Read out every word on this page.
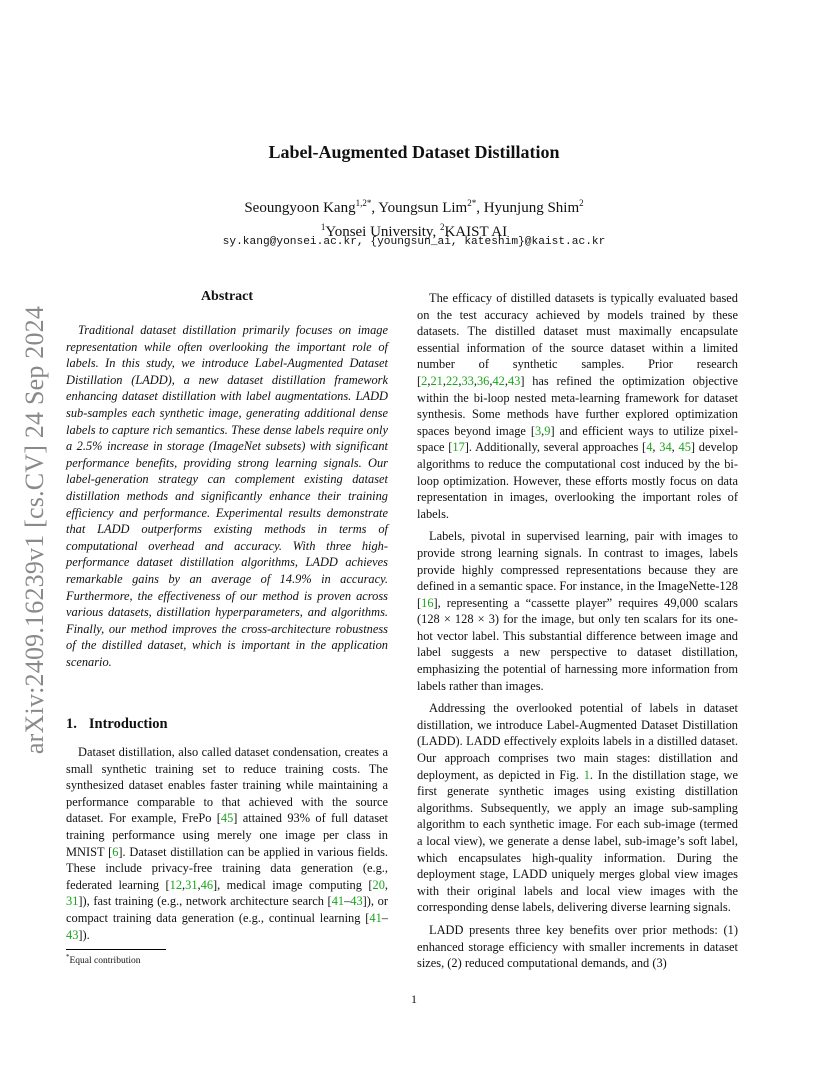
arXiv:2409.16239v1 [cs.CV] 24 Sep 2024
Label-Augmented Dataset Distillation
Seoungyoon Kang$^{1,2*}$, Youngsun Lim$^{2*}$, Hyunjung Shim$^2$
$^1$Yonsei University, $^2$KAIST AI
sy.kang@yonsei.ac.kr, {youngsun_ai, kateshim}@kaist.ac.kr
Abstract

Traditional dataset distillation primarily focuses on image representation while often overlooking the important role of labels. In this study, we introduce Label-Augmented Dataset Distillation (LADD), a new dataset distillation framework enhancing dataset distillation with label augmentations. LADD sub-samples each synthetic image, generating additional dense labels to capture rich semantics. These dense labels require only a 2.5% increase in storage (ImageNet subsets) with significant performance benefits, providing strong learning signals. Our label-generation strategy can complement existing dataset distillation methods and significantly enhance their training efficiency and performance. Experimental results demonstrate that LADD outperforms existing methods in terms of computational overhead and accuracy. With three high-performance dataset distillation algorithms, LADD achieves remarkable gains by an average of 14.9% in accuracy. Furthermore, the effectiveness of our method is proven across various datasets, distillation hyperparameters, and algorithms. Finally, our method improves the cross-architecture robustness of the distilled dataset, which is important in the application scenario.

1. Introduction

Dataset distillation, also called dataset condensation, creates a small synthetic training set to reduce training costs. The synthesized dataset enables faster training while maintaining a performance comparable to that achieved with the source dataset. For example, FrePo [45] attained 93% of full dataset training performance using merely one image per class in MNIST [6]. Dataset distillation can be applied in various fields. These include privacy-free training data generation (e.g., federated learning [12,31,46], medical image computing [20, 31]), fast training (e.g., network architecture search [41–43]), or compact training data generation (e.g., continual learning [41–43]).

The efficacy of distilled datasets is typically evaluated based on the test accuracy achieved by models trained by these datasets. The distilled dataset must maximally encapsulate essential information of the source dataset within a limited number of synthetic samples. Prior research [2,21,22,33,36,42,43] has refined the optimization objective within the bi-loop nested meta-learning framework for dataset synthesis. Some methods have further explored optimization spaces beyond image [3,9] and efficient ways to utilize pixel-space [17]. Additionally, several approaches [4, 34, 45] develop algorithms to reduce the computational cost induced by the bi-loop optimization. However, these efforts mostly focus on data representation in images, overlooking the important roles of labels.

Labels, pivotal in supervised learning, pair with images to provide strong learning signals. In contrast to images, labels provide highly compressed representations because they are defined in a semantic space. For instance, in the ImageNette-128 [16], representing a “cassette player” requires 49,000 scalars (128 × 128 × 3) for the image, but only ten scalars for its one-hot vector label. This substantial difference between image and label suggests a new perspective to dataset distillation, emphasizing the potential of harnessing more information from labels rather than images.

Addressing the overlooked potential of labels in dataset distillation, we introduce Label-Augmented Dataset Distillation (LADD). LADD effectively exploits labels in a distilled dataset. Our approach comprises two main stages: distillation and deployment, as depicted in Fig. 1. In the distillation stage, we first generate synthetic images using existing distillation algorithms. Subsequently, we apply an image sub-sampling algorithm to each synthetic image. For each sub-image (termed a local view), we generate a dense label, sub-image’s soft label, which encapsulates high-quality information. During the deployment stage, LADD uniquely merges global view images with their original labels and local view images with the corresponding dense labels, delivering diverse learning signals.

LADD presents three key benefits over prior methods: (1) enhanced storage efficiency with smaller increments in dataset sizes, (2) reduced computational demands, and (3)

*Equal contribution
1
